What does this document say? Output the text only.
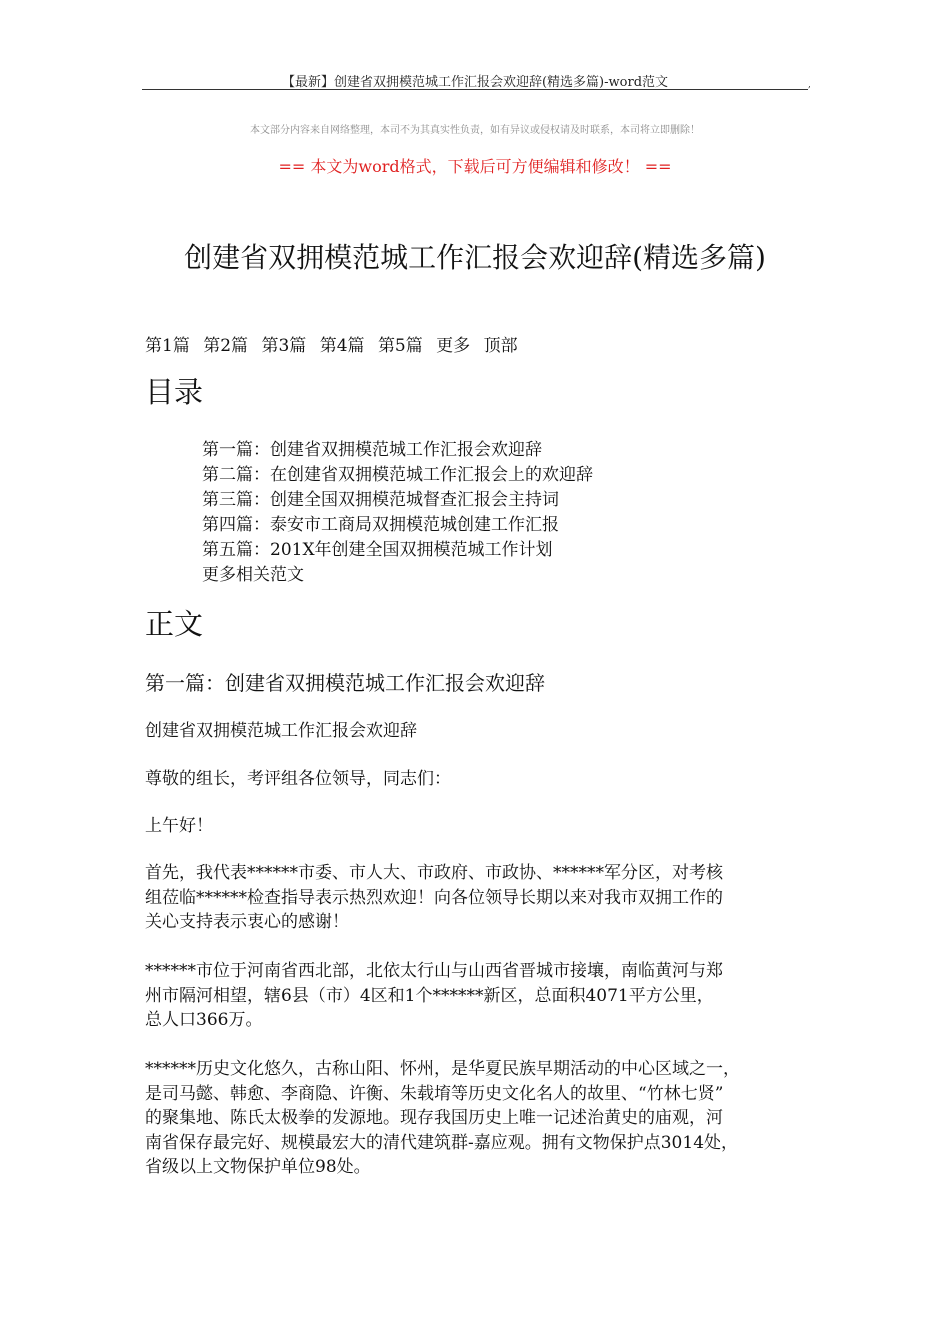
【最新】创建省双拥模范城工作汇报会欢迎辞(精选多篇)-word范文	,
本文部分内容来自网络整理，本司不为其真实性负责，如有异议或侵权请及时联系，本司将立即删除！
== 本文为word格式，下载后可方便编辑和修改！ ==
创建省双拥模范城工作汇报会欢迎辞(精选多篇)
第1篇 第2篇 第3篇 第4篇 第5篇 更多 顶部
目录
第一篇：创建省双拥模范城工作汇报会欢迎辞
第二篇：在创建省双拥模范城工作汇报会上的欢迎辞
第三篇：创建全国双拥模范城督查汇报会主持词
第四篇：泰安市工商局双拥模范城创建工作汇报
第五篇：201X年创建全国双拥模范城工作计划
更多相关范文
正文
第一篇：创建省双拥模范城工作汇报会欢迎辞

创建省双拥模范城工作汇报会欢迎辞

尊敬的组长，考评组各位领导，同志们：

上午好！

首先，我代表******市委、市人大、市政府、市政协、******军分区，对考核
组莅临******检查指导表示热烈欢迎！向各位领导长期以来对我市双拥工作的
关心支持表示衷心的感谢！

******市位于河南省西北部，北依太行山与山西省晋城市接壤，南临黄河与郑
州市隔河相望，辖6县（市）4区和1个******新区，总面积4071平方公里，
总人口366万。

******历史文化悠久，古称山阳、怀州，是华夏民族早期活动的中心区域之一，
是司马懿、韩愈、李商隐、许衡、朱载堉等历史文化名人的故里、“竹林七贤”
的聚集地、陈氏太极拳的发源地。现存我国历史上唯一记述治黄史的庙观，河
南省保存最完好、规模最宏大的清代建筑群-嘉应观。拥有文物保护点3014处，
省级以上文物保护单位98处。
